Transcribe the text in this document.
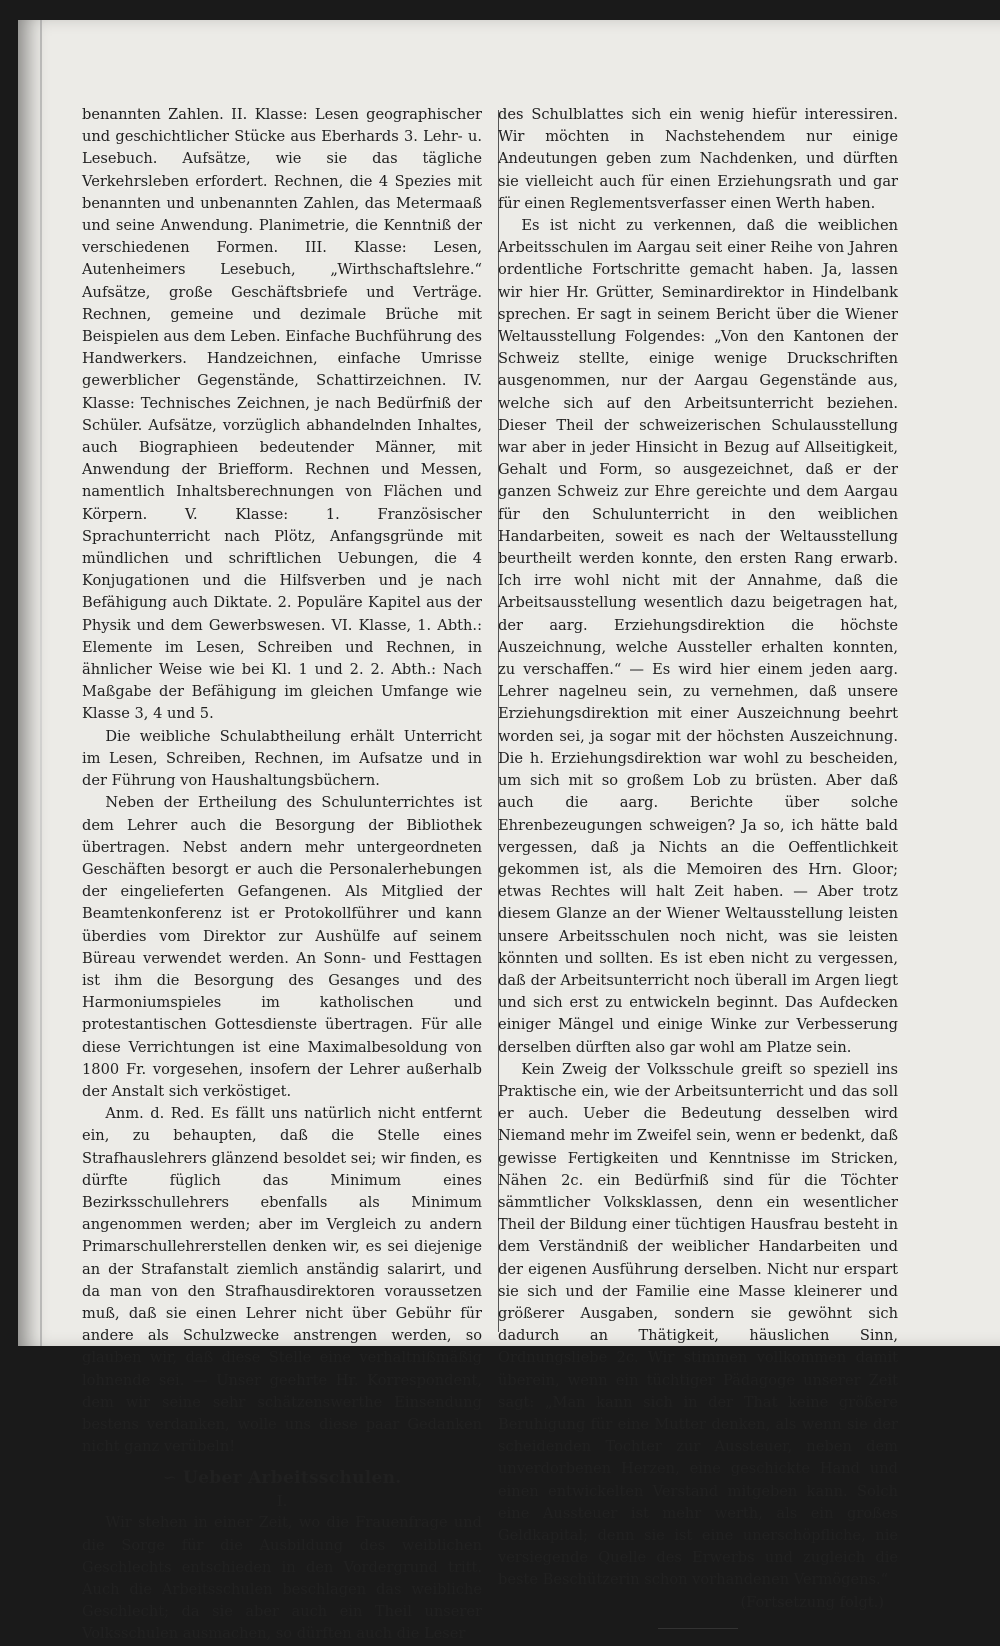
benannten Zahlen. II. Klasse: Lesen geographischer und geschichtlicher Stücke aus Eberhards 3. Lehr- u. Lesebuch. Aufsätze, wie sie das tägliche Verkehrsleben erfordert. Rechnen, die 4 Spezies mit benannten und unbenannten Zahlen, das Metermaaß und seine Anwendung. Planimetrie, die Kenntniß der verschiedenen Formen. III. Klasse: Lesen, Autenheimers Lesebuch, „Wirthschaftslehre.“ Aufsätze, große Geschäftsbriefe und Verträge. Rechnen, gemeine und dezimale Brüche mit Beispielen aus dem Leben. Einfache Buchführung des Handwerkers. Handzeichnen, einfache Umrisse gewerblicher Gegenstände, Schattirzeichnen. IV. Klasse: Technisches Zeichnen, je nach Bedürfniß der Schüler. Aufsätze, vorzüglich abhandelnden Inhaltes, auch Biographieen bedeutender Männer, mit Anwendung der Briefform. Rechnen und Messen, namentlich Inhaltsberechnungen von Flächen und Körpern. V. Klasse: 1. Französischer Sprachunterricht nach Plötz, Anfangsgründe mit mündlichen und schriftlichen Uebungen, die 4 Konjugationen und die Hilfsverben und je nach Befähigung auch Diktate. 2. Populäre Kapitel aus der Physik und dem Gewerbswesen. VI. Klasse, 1. Abth.: Elemente im Lesen, Schreiben und Rechnen, in ähnlicher Weise wie bei Kl. 1 und 2. 2. Abth.: Nach Maßgabe der Befähigung im gleichen Umfange wie Klasse 3, 4 und 5.

Die weibliche Schulabtheilung erhält Unterricht im Lesen, Schreiben, Rechnen, im Aufsatze und in der Führung von Haushaltungsbüchern.

Neben der Ertheilung des Schulunterrichtes ist dem Lehrer auch die Besorgung der Bibliothek übertragen. Nebst andern mehr untergeordneten Geschäften besorgt er auch die Personalerhebungen der eingelieferten Gefangenen. Als Mitglied der Beamtenkonferenz ist er Protokollführer und kann überdies vom Direktor zur Aushülfe auf seinem Büreau verwendet werden. An Sonn- und Festtagen ist ihm die Besorgung des Gesanges und des Harmoniumspieles im katholischen und protestantischen Gottesdienste übertragen. Für alle diese Verrichtungen ist eine Maximalbesoldung von 1800 Fr. vorgesehen, insofern der Lehrer außerhalb der Anstalt sich verköstiget.

Anm. d. Red. Es fällt uns natürlich nicht entfernt ein, zu behaupten, daß die Stelle eines Strafhauslehrers glänzend besoldet sei; wir finden, es dürfte füglich das Minimum eines Bezirksschullehrers ebenfalls als Minimum angenommen werden; aber im Vergleich zu andern Primarschullehrerstellen denken wir, es sei diejenige an der Strafanstalt ziemlich anständig salarirt, und da man von den Strafhausdirektoren voraussetzen muß, daß sie einen Lehrer nicht über Gebühr für andere als Schulzwecke anstrengen werden, so glauben wir, daß diese Stelle eine verhaltnißmäßig lohnende sei. — Unser geehrte Hr. Korrespondent, dem wir seine sehr schätzenswerthe Einsendung bestens verdanken, wolle uns diese paar Gedanken nicht ganz verübeln!

∽ Ueber Arbeitsschulen.
I.

Wir stehen in einer Zeit, wo die Frauenfrage und die Sorge für die Ausbildung des weiblichen Geschlechts entschieden in den Vordergrund tritt. Auch die Arbeitsschulen beschlagen das weibliche Geschlecht; da sie aber auch ein Theil unserer Volksschulen ausmachen, so dürften auch die Leser

des Schulblattes sich ein wenig hiefür interessiren. Wir möchten in Nachstehendem nur einige Andeutungen geben zum Nachdenken, und dürften sie vielleicht auch für einen Erziehungsrath und gar für einen Reglementsverfasser einen Werth haben.

Es ist nicht zu verkennen, daß die weiblichen Arbeitsschulen im Aargau seit einer Reihe von Jahren ordentliche Fortschritte gemacht haben. Ja, lassen wir hier Hr. Grütter, Seminardirektor in Hindelbank sprechen. Er sagt in seinem Bericht über die Wiener Weltausstellung Folgendes: „Von den Kantonen der Schweiz stellte, einige wenige Druckschriften ausgenommen, nur der Aargau Gegenstände aus, welche sich auf den Arbeitsunterricht beziehen. Dieser Theil der schweizerischen Schulausstellung war aber in jeder Hinsicht in Bezug auf Allseitigkeit, Gehalt und Form, so ausgezeichnet, daß er der ganzen Schweiz zur Ehre gereichte und dem Aargau für den Schulunterricht in den weiblichen Handarbeiten, soweit es nach der Weltausstellung beurtheilt werden konnte, den ersten Rang erwarb. Ich irre wohl nicht mit der Annahme, daß die Arbeitsausstellung wesentlich dazu beigetragen hat, der aarg. Erziehungsdirektion die höchste Auszeichnung, welche Aussteller erhalten konnten, zu verschaffen.“ — Es wird hier einem jeden aarg. Lehrer nagelneu sein, zu vernehmen, daß unsere Erziehungsdirektion mit einer Auszeichnung beehrt worden sei, ja sogar mit der höchsten Auszeichnung. Die h. Erziehungsdirektion war wohl zu bescheiden, um sich mit so großem Lob zu brüsten. Aber daß auch die aarg. Berichte über solche Ehrenbezeugungen schweigen? Ja so, ich hätte bald vergessen, daß ja Nichts an die Oeffentlichkeit gekommen ist, als die Memoiren des Hrn. Gloor; etwas Rechtes will halt Zeit haben. — Aber trotz diesem Glanze an der Wiener Weltausstellung leisten unsere Arbeitsschulen noch nicht, was sie leisten könnten und sollten. Es ist eben nicht zu vergessen, daß der Arbeitsunterricht noch überall im Argen liegt und sich erst zu entwickeln beginnt. Das Aufdecken einiger Mängel und einige Winke zur Verbesserung derselben dürften also gar wohl am Platze sein.

Kein Zweig der Volksschule greift so speziell ins Praktische ein, wie der Arbeitsunterricht und das soll er auch. Ueber die Bedeutung desselben wird Niemand mehr im Zweifel sein, wenn er bedenkt, daß gewisse Fertigkeiten und Kenntnisse im Stricken, Nähen 2c. ein Bedürfniß sind für die Töchter sämmtlicher Volksklassen, denn ein wesentlicher Theil der Bildung einer tüchtigen Hausfrau besteht in dem Verständniß der weiblicher Handarbeiten und der eigenen Ausführung derselben. Nicht nur erspart sie sich und der Familie eine Masse kleinerer und größerer Ausgaben, sondern sie gewöhnt sich dadurch an Thätigkeit, häuslichen Sinn, Ordnungsliebe 2c. Wir stimmen vollkommen damit überein, wenn ein tüchtiger Pädagoge unserer Zeit sagt: „Man kann sich in der That keine größere Beruhigung für eine Mutter denken, als wenn sie der scheidenden Tochter zur Aussteuer, neben dem unverdorbenen Herzen, eine geschickte Hand und einen entwickelten Verstand mitgeben kann. Solch eine Aussteuer ist mehr werth, als ein großes Geldkapital; denn sie ist eine unerschöpfliche, nie versiegende Quelle des Erwerbs und zugleich die beste Beschützerin schon vorhandenen Vermögens.“

(Fortsetzung folgt.)
